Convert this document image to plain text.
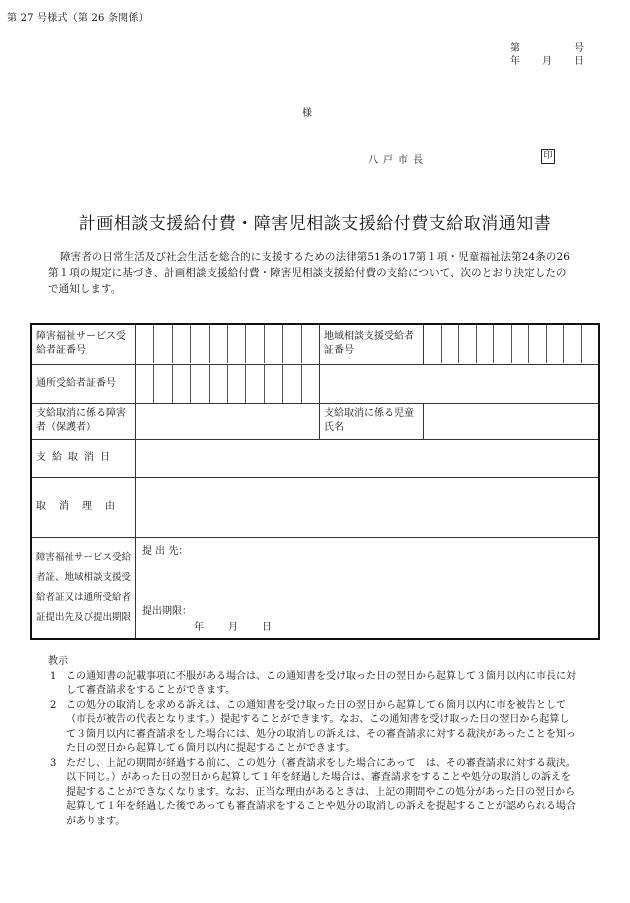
第 27 号様式（第 26 条関係）
第	号
年 月 日
様
八戸市長	印
計画相談支援給付費・障害児相談支援給付費支給取消通知書
障害者の日常生活及び社会生活を総合的に支援するための法律第51条の17第１項・児童福祉法第24条の26第１項の規定に基づき、計画相談支援給付費・障害児相談支援給付費の支給について、次のとおり決定したので通知します。
障害福祉サービス受給者証番号		地域相談支援受給者証番号	

通所受給者証番号		

支給取消に係る障害者（保護者）		支給取消に係る児童氏名	
支給取消日			
取消理由			
障害福祉サービス受給者証、地域相談支援受給者証又は通所受給者証提出先及び提出期限	提 出 先：
提出期限：
年 月 日		
教示
1 この通知書の記載事項に不服がある場合は、この通知書を受け取った日の翌日から起算して３箇月以内に市長に対して審査請求をすることができます。
2 この処分の取消しを求める訴えは、この通知書を受け取った日の翌日から起算して６箇月以内に市を被告として（市長が被告の代表となります。）提起することができます。なお、この通知書を受け取った日の翌日から起算して３箇月以内に審査請求をした場合には、処分の取消しの訴えは、その審査請求に対する裁決があったことを知った日の翌日から起算して６箇月以内に提起することができます。
3 ただし、上記の期間が経過する前に、この処分（審査請求をした場合にあって　は、その審査請求に対する裁決。以下同じ。）があった日の翌日から起算して１年を経過した場合は、審査請求をすることや処分の取消しの訴えを提起することができなくなります。なお、正当な理由があるときは、上記の期間やこの処分があった日の翌日から起算して１年を経過した後であっても審査請求をすることや処分の取消しの訴えを提起することが認められる場合があります。
